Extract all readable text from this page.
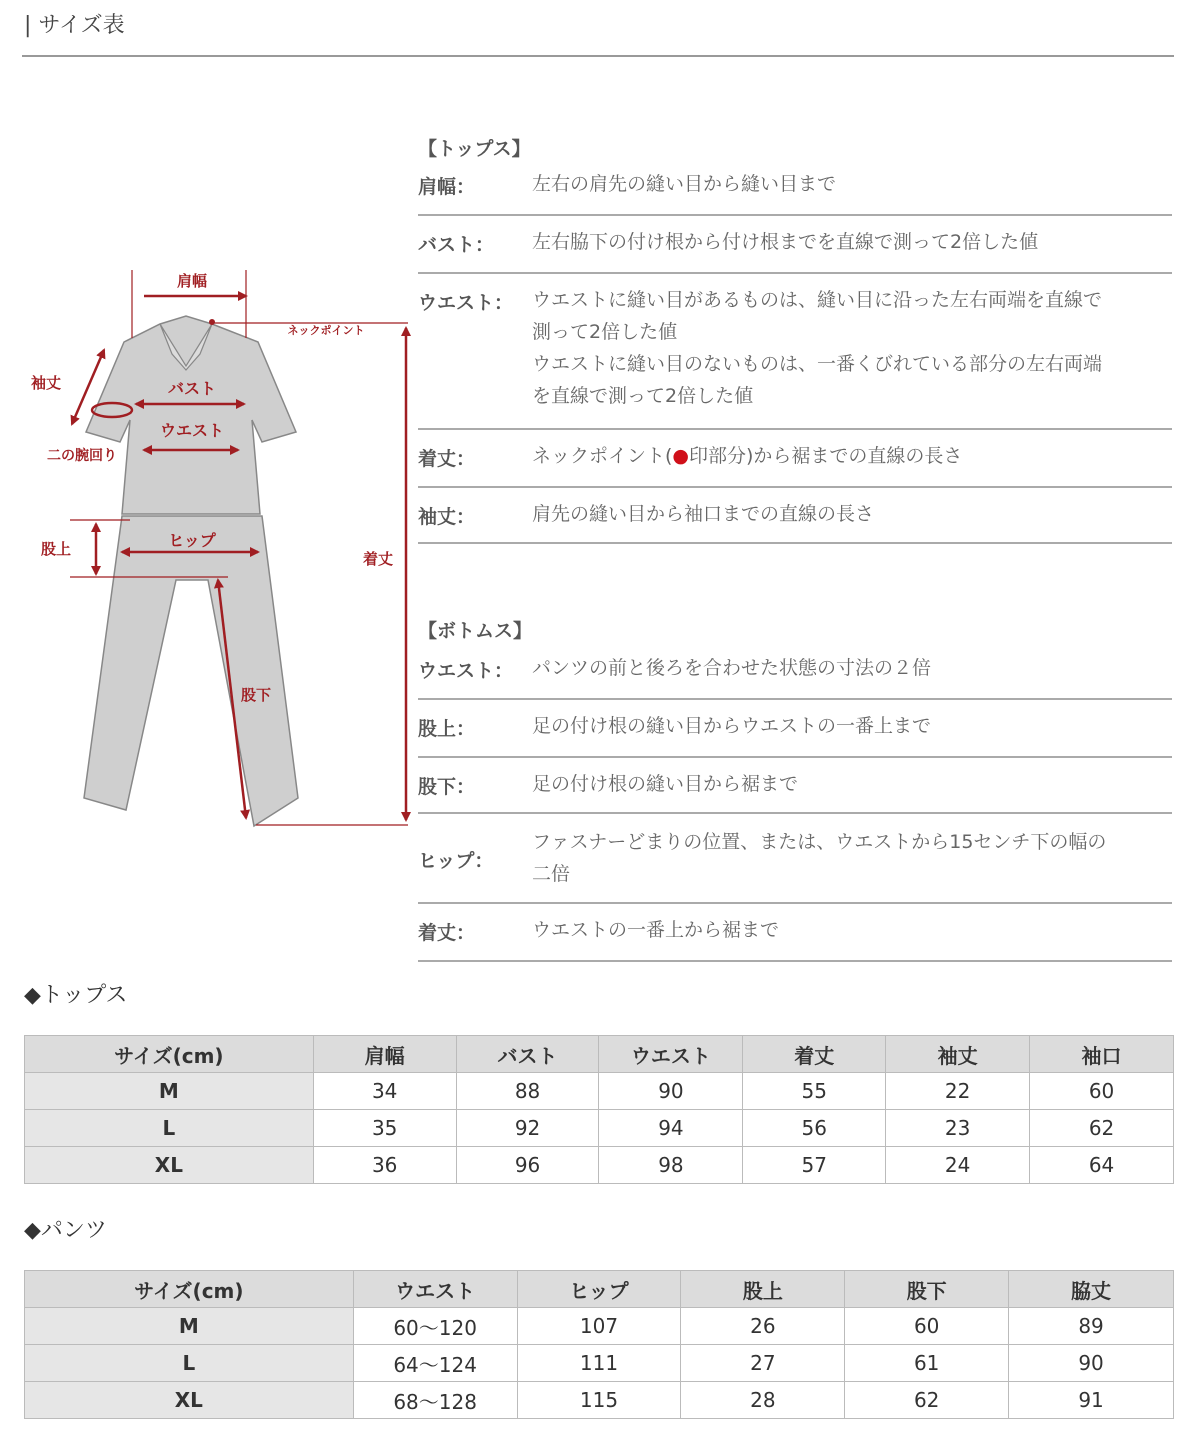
| サイズ表
肩幅
ネックポイント
袖丈	バスト
ウエスト
二の腕回り
股上	ヒップ
着丈
股下
【トップス】
肩幅：	左右の肩先の縫い目から縫い目まで
バスト： 左右脇下の付け根から付け根までを直線で測って2倍した値
ウエスト： ウエストに縫い目があるものは、縫い目に沿った左右両端を直線で
測って2倍した値
ウエストに縫い目のないものは、一番くびれている部分の左右両端
を直線で測って2倍した値
着丈：	ネックポイント(●印部分)から裾までの直線の長さ
袖丈：	肩先の縫い目から袖口までの直線の長さ
【ボトムス】
ウエスト： パンツの前と後ろを合わせた状態の寸法の２倍
股上：	足の付け根の縫い目からウエストの一番上まで
股下：	足の付け根の縫い目から裾まで
ヒップ：
ファスナーどまりの位置、または、ウエストから15センチ下の幅の
二倍
着丈：	ウエストの一番上から裾まで
◆トップス
サイズ(cm)	肩幅	バスト	ウエスト	着丈	袖丈	袖口
M	34	88	90	55	22	60
L	35	92	94	56	23	62
XL	36	96	98	57	24	64
◆パンツ
サイズ(cm)	ウエスト	ヒップ	股上	股下	脇丈
M	60～120	107	26	60	89
L	64～124	111	27	61	90
XL	68～128	115	28	62	91
